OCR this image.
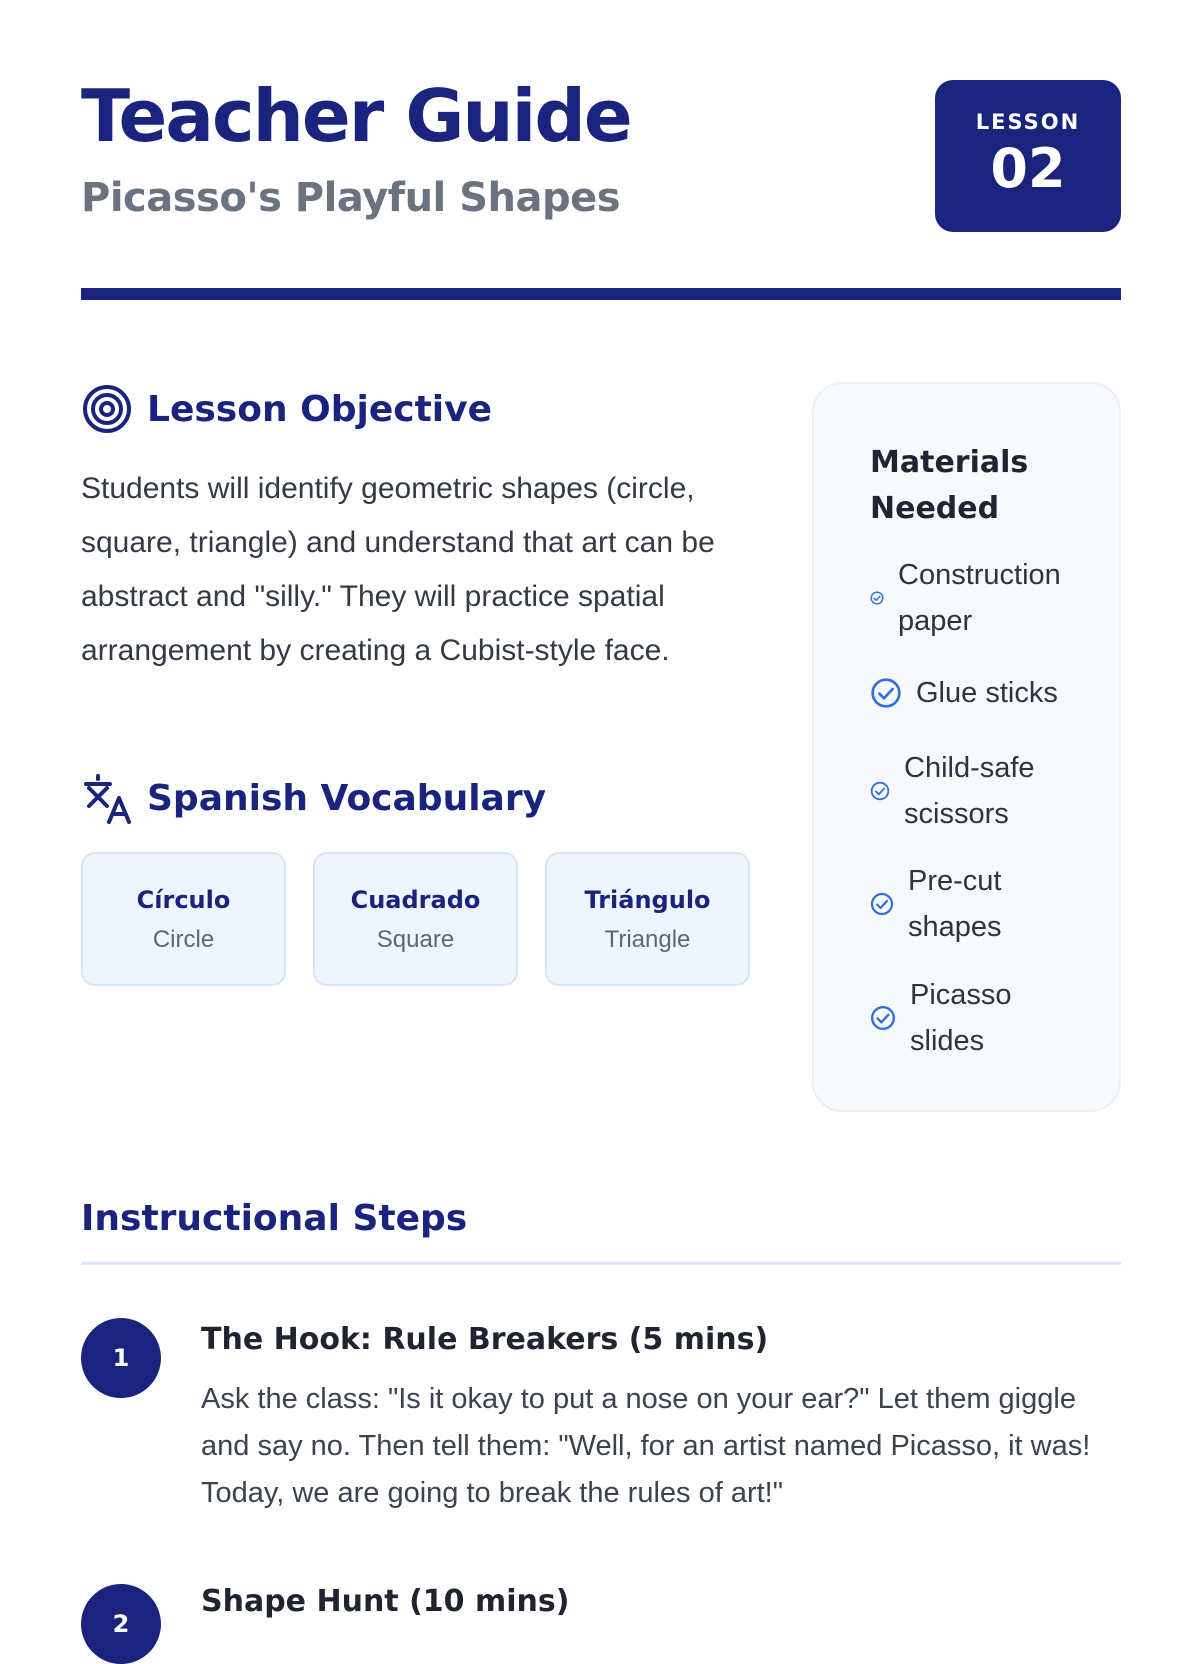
Teacher Guide
Picasso's Playful Shapes
LESSON
02
Lesson Objective

Students will identify geometric shapes (circle, square, triangle) and understand that art can be abstract and "silly." They will practice spatial arrangement by creating a Cubist-style face.

Spanish Vocabulary
Círculo
Circle
Cuadrado
Square
Triángulo
Triangle
Materials Needed
Construction paper
Glue sticks
Child-safe scissors
Pre-cut shapes
Picasso slides
Instructional Steps
1
The Hook: Rule Breakers (5 mins)

Ask the class: "Is it okay to put a nose on your ear?" Let them giggle and say no. Then tell them: "Well, for an artist named Picasso, it was! Today, we are going to break the rules of art!"

2
Shape Hunt (10 mins)
